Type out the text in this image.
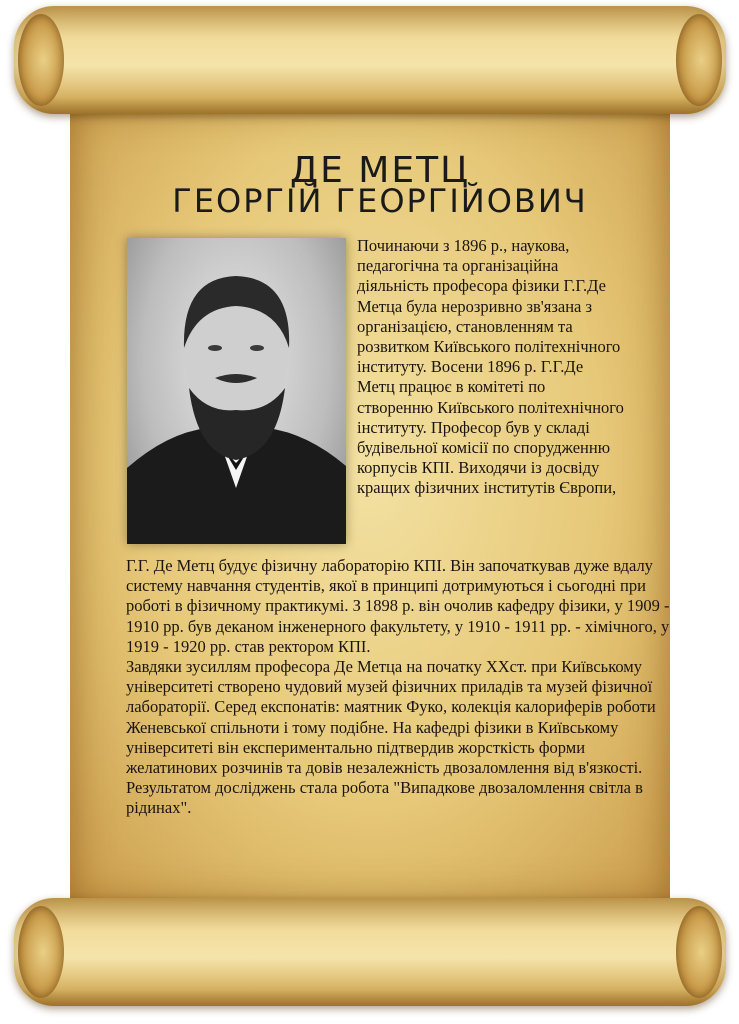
ДЕ МЕТЦ
ГЕОРГІЙ ГЕОРГІЙОВИЧ

Починаючи з 1896 р., наукова, педагогічна та організаційна діяльність професора фізики Г.Г.Де Метца була нерозривно зв'язана з організацією, становленням та розвитком Київського політехнічного інституту. Восени 1896 р. Г.Г.Де Метц працює в комітеті по створенню Київського політехнічного інституту. Професор був у складі будівельної комісії по спорудженню корпусів КПІ. Виходячи із досвіду кращих фізичних інститутів Європи,

Г.Г. Де Метц будує фізичну лабораторію КПІ. Він започаткував дуже вдалу систему навчання студентів, якої в принципі дотримуються і сьогодні при роботі в фізичному практикумі. З 1898 р. він очолив кафедру фізики, у 1909 - 1910 рр. був деканом інженерного факультету, у 1910 - 1911 рр. - хімічного, у 1919 - 1920 рр. став ректором КПІ.
Завдяки зусиллям професора Де Метца на початку ХХст. при Київському університеті створено чудовий музей фізичних приладів та музей фізичної лабораторії. Серед експонатів: маятник Фуко, колекція калориферів роботи Женевської спільноти і тому подібне. На кафедрі фізики в Київському університеті він експериментально підтвердив жорсткість форми желатинових розчинів та довів незалежність двозаломлення від в'язкості. Результатом досліджень стала робота "Випадкове двозаломлення світла в рідинах".
